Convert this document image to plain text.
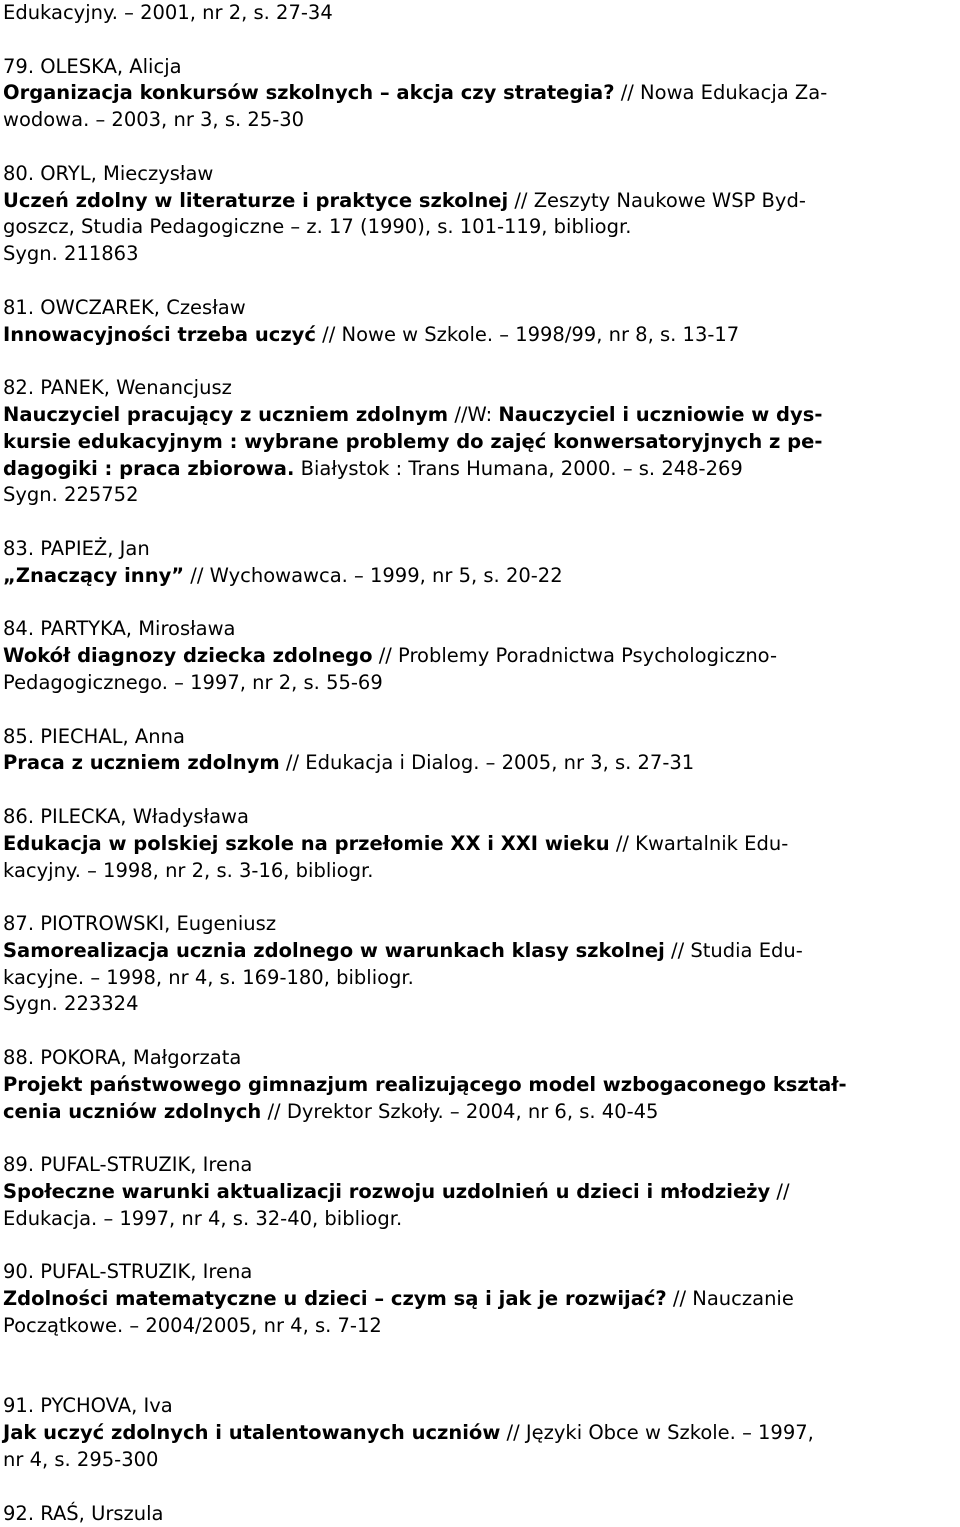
Edukacyjny. – 2001, nr 2, s. 27-34
79. OLESKA, Alicja
Organizacja konkursów szkolnych – akcja czy strategia? // Nowa Edukacja Za-
wodowa. – 2003, nr 3, s. 25-30
80. ORYL, Mieczysław
Uczeń zdolny w literaturze i praktyce szkolnej // Zeszyty Naukowe WSP Byd-
goszcz, Studia Pedagogiczne – z. 17 (1990), s. 101-119, bibliogr.
Sygn. 211863
81. OWCZAREK, Czesław
Innowacyjności trzeba uczyć // Nowe w Szkole. – 1998/99, nr 8, s. 13-17
82. PANEK, Wenancjusz
Nauczyciel pracujący z uczniem zdolnym //W: Nauczyciel i uczniowie w dys-
kursie edukacyjnym : wybrane problemy do zajęć konwersatoryjnych z pe-
dagogiki : praca zbiorowa. Białystok : Trans Humana, 2000. – s. 248-269
Sygn. 225752
83. PAPIEŻ, Jan
„Znaczący inny” // Wychowawca. – 1999, nr 5, s. 20-22
84. PARTYKA, Mirosława
Wokół diagnozy dziecka zdolnego // Problemy Poradnictwa Psychologiczno-
Pedagogicznego. – 1997, nr 2, s. 55-69
85. PIECHAL, Anna
Praca z uczniem zdolnym // Edukacja i Dialog. – 2005, nr 3, s. 27-31
86. PILECKA, Władysława
Edukacja w polskiej szkole na przełomie XX i XXI wieku // Kwartalnik Edu-
kacyjny. – 1998, nr 2, s. 3-16, bibliogr.
87. PIOTROWSKI, Eugeniusz
Samorealizacja ucznia zdolnego w warunkach klasy szkolnej // Studia Edu-
kacyjne. – 1998, nr 4, s. 169-180, bibliogr.
Sygn. 223324
88. POKORA, Małgorzata
Projekt państwowego gimnazjum realizującego model wzbogaconego kształ-
cenia uczniów zdolnych // Dyrektor Szkoły. – 2004, nr 6, s. 40-45
89. PUFAL-STRUZIK, Irena
Społeczne warunki aktualizacji rozwoju uzdolnień u dzieci i młodzieży //
Edukacja. – 1997, nr 4, s. 32-40, bibliogr.
90. PUFAL-STRUZIK, Irena
Zdolności matematyczne u dzieci – czym są i jak je rozwijać? // Nauczanie
Początkowe. – 2004/2005, nr 4, s. 7-12
91. PYCHOVA, Iva
Jak uczyć zdolnych i utalentowanych uczniów // Języki Obce w Szkole. – 1997,
nr 4, s. 295-300
92. RAŚ, Urszula
